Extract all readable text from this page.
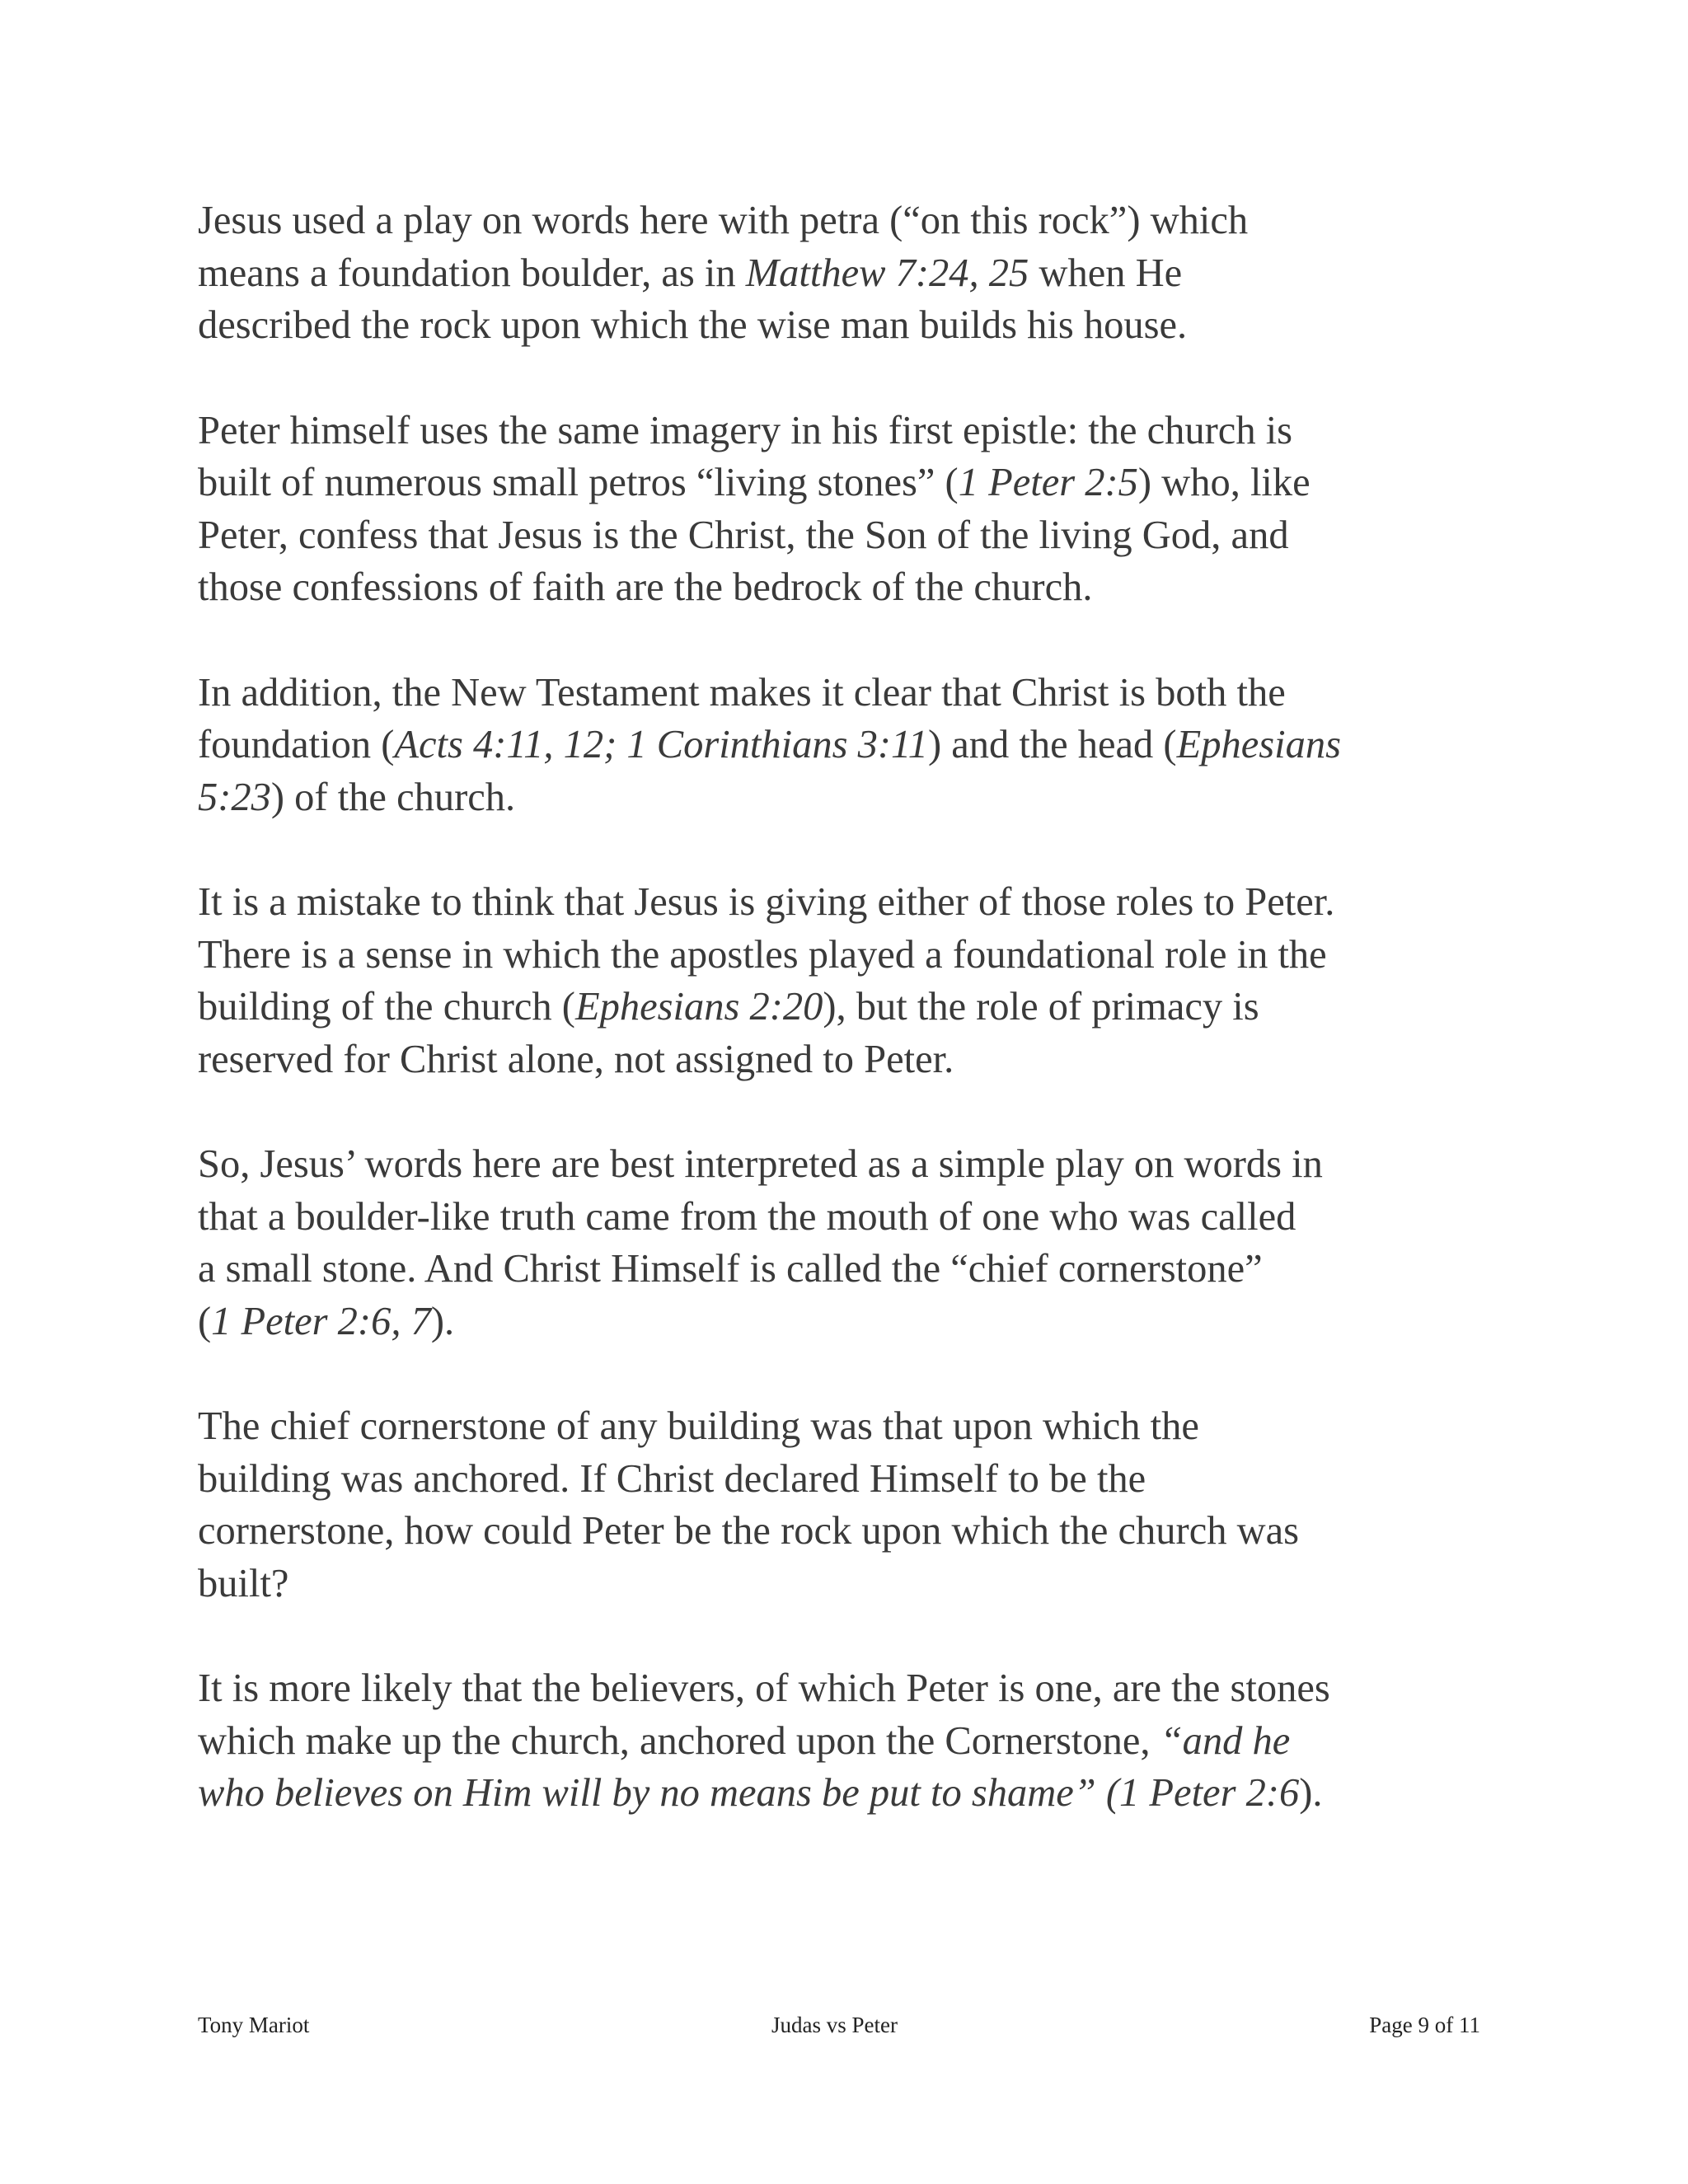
Jesus used a play on words here with petra (“on this rock”) which
means a foundation boulder, as in Matthew 7:24, 25 when He
described the rock upon which the wise man builds his house.
Peter himself uses the same imagery in his first epistle: the church is
built of numerous small petros “living stones” (1 Peter 2:5) who, like
Peter, confess that Jesus is the Christ, the Son of the living God, and
those confessions of faith are the bedrock of the church.
In addition, the New Testament makes it clear that Christ is both the
foundation (Acts 4:11, 12; 1 Corinthians 3:11) and the head (Ephesians
5:23) of the church.
It is a mistake to think that Jesus is giving either of those roles to Peter.
There is a sense in which the apostles played a foundational role in the
building of the church (Ephesians 2:20), but the role of primacy is
reserved for Christ alone, not assigned to Peter.
So, Jesus’ words here are best interpreted as a simple play on words in
that a boulder-like truth came from the mouth of one who was called
a small stone. And Christ Himself is called the “chief cornerstone”
(1 Peter 2:6, 7).
The chief cornerstone of any building was that upon which the
building was anchored. If Christ declared Himself to be the
cornerstone, how could Peter be the rock upon which the church was
built?
It is more likely that the believers, of which Peter is one, are the stones
which make up the church, anchored upon the Cornerstone, “and he
who believes on Him will by no means be put to shame” (1 Peter 2:6).
Tony Mariot	Judas vs Peter	Page 9 of 11
